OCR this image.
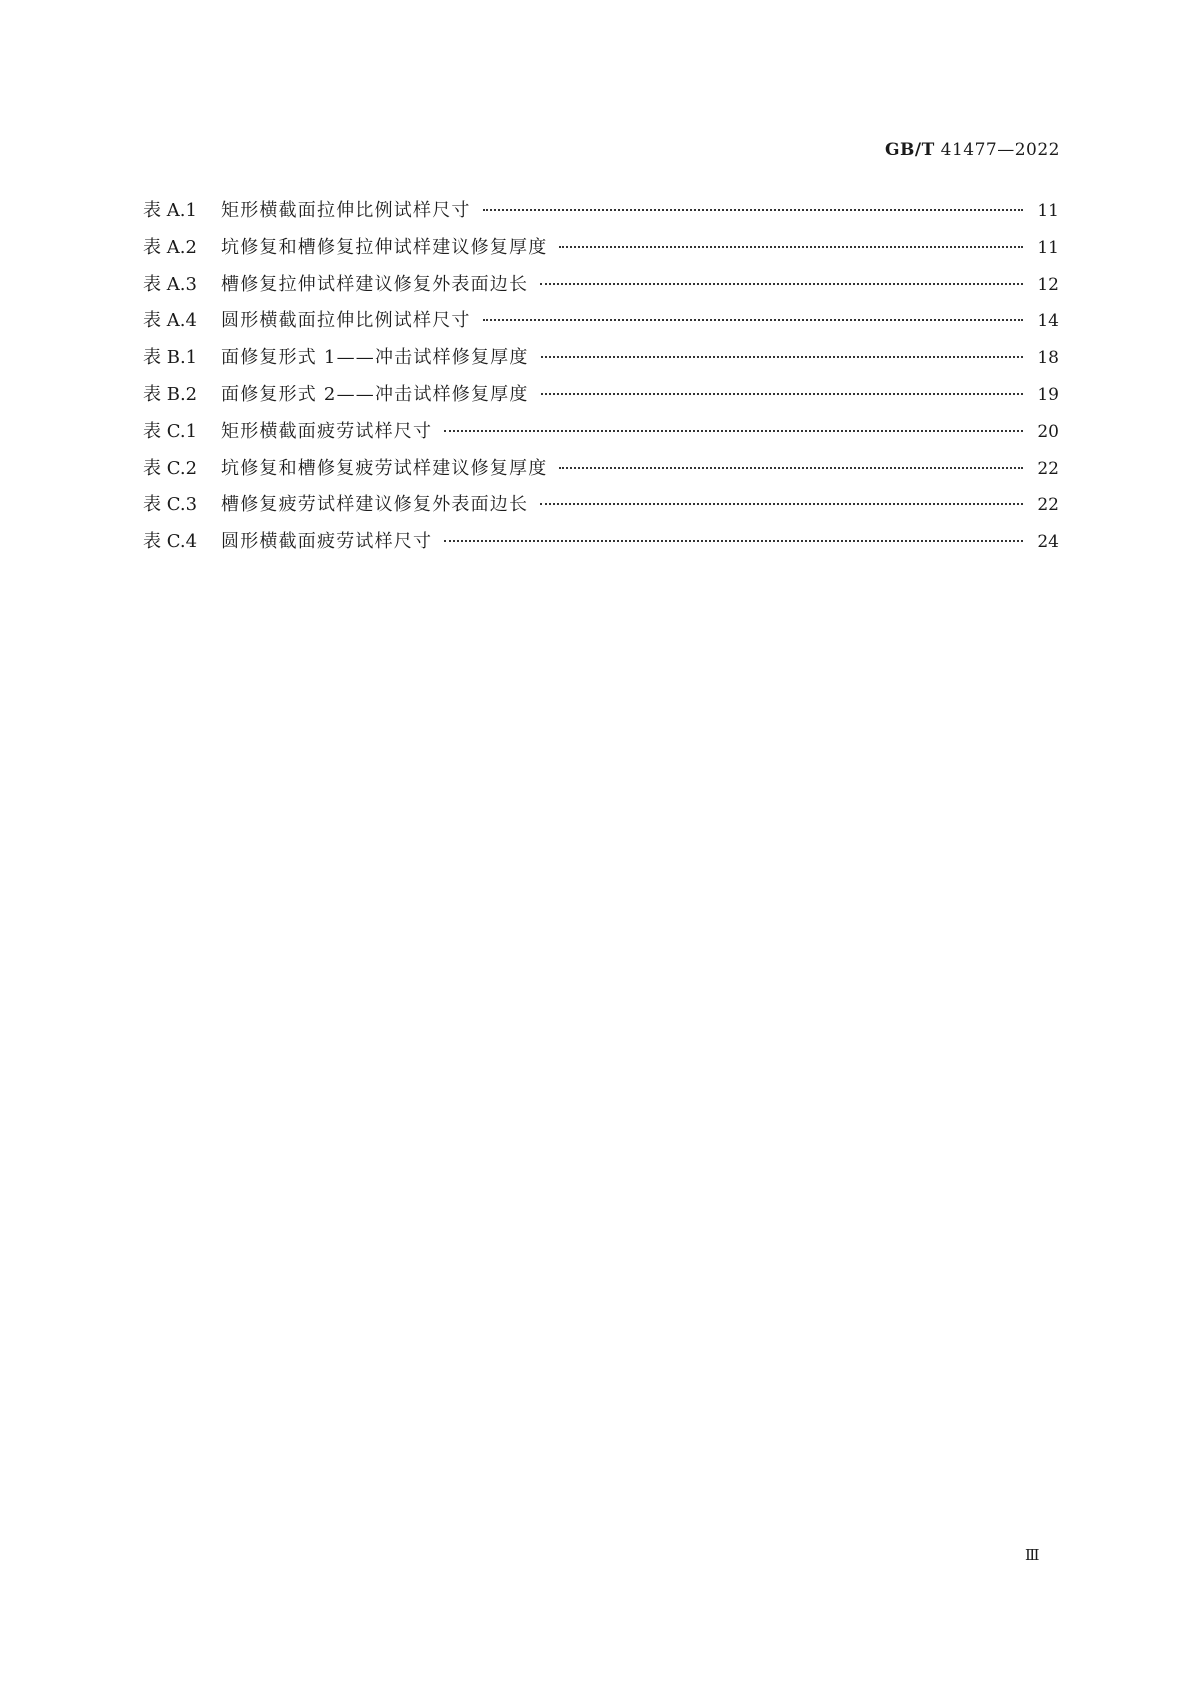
GB/T 41477—2022
表 A.1	矩形横截面拉伸比例试样尺寸	11
表 A.2	坑修复和槽修复拉伸试样建议修复厚度	11
表 A.3	槽修复拉伸试样建议修复外表面边长	12
表 A.4	圆形横截面拉伸比例试样尺寸	14
表 B.1	面修复形式 1——冲击试样修复厚度	18
表 B.2	面修复形式 2——冲击试样修复厚度	19
表 C.1	矩形横截面疲劳试样尺寸	20
表 C.2	坑修复和槽修复疲劳试样建议修复厚度	22
表 C.3	槽修复疲劳试样建议修复外表面边长	22
表 C.4	圆形横截面疲劳试样尺寸	24
Ⅲ
